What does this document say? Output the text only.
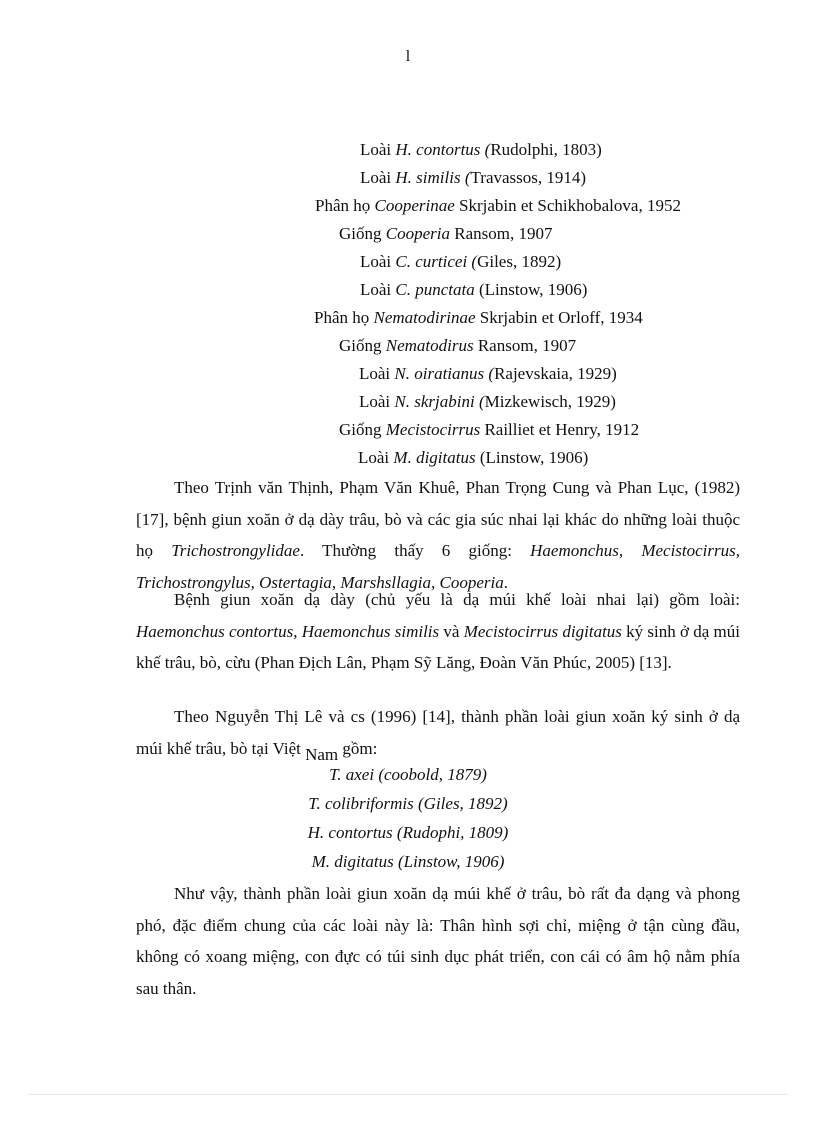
l
Loài H. contortus (Rudolphi, 1803)
Loài H. similis (Travassos, 1914)
Phân họ Cooperinae Skrjabin et Schikhobalova, 1952
Giống Cooperia Ransom, 1907
Loài C. curticei (Giles, 1892)
Loài C. punctata (Linstow, 1906)
Phân họ Nematodirinae Skrjabin et Orloff, 1934
Giống Nematodirus Ransom, 1907
Loài N. oiratianus (Rajevskaia, 1929)
Loài N. skrjabini (Mizkewisch, 1929)
Giống Mecistocirrus Railliet et Henry, 1912
Loài M. digitatus (Linstow, 1906)

Theo Trịnh văn Thịnh, Phạm Văn Khuê, Phan Trọng Cung và Phan Lục, (1982) [17], bệnh giun xoăn ở dạ dày trâu, bò và các gia súc nhai lại khác do những loài thuộc họ Trichostrongylidae. Thường thấy 6 giống: Haemonchus, Mecistocirrus, Trichostrongylus, Ostertagia, Marshsllagia, Cooperia.

Bệnh giun xoăn dạ dày (chủ yếu là dạ múi khế loài nhai lại) gồm loài: Haemonchus contortus, Haemonchus similis và Mecistocirrus digitatus ký sinh ở dạ múi khế trâu, bò, cừu (Phan Địch Lân, Phạm Sỹ Lăng, Đoàn Văn Phúc, 2005) [13].

Theo Nguyễn Thị Lê và cs (1996) [14], thành phần loài giun xoăn ký sinh ở dạ múi khế trâu, bò tại Việt Nam gồm:

T. axei (coobold, 1879)
T. colibriformis (Giles, 1892)
H. contortus (Rudophi, 1809)
M. digitatus (Linstow, 1906)

Như vậy, thành phần loài giun xoăn dạ múi khế ở trâu, bò rất đa dạng và phong phó, đặc điểm chung của các loài này là: Thân hình sợi chỉ, miệng ở tận cùng đầu, không có xoang miệng, con đực có túi sinh dục phát triển, con cái có âm hộ nằm phía sau thân.
